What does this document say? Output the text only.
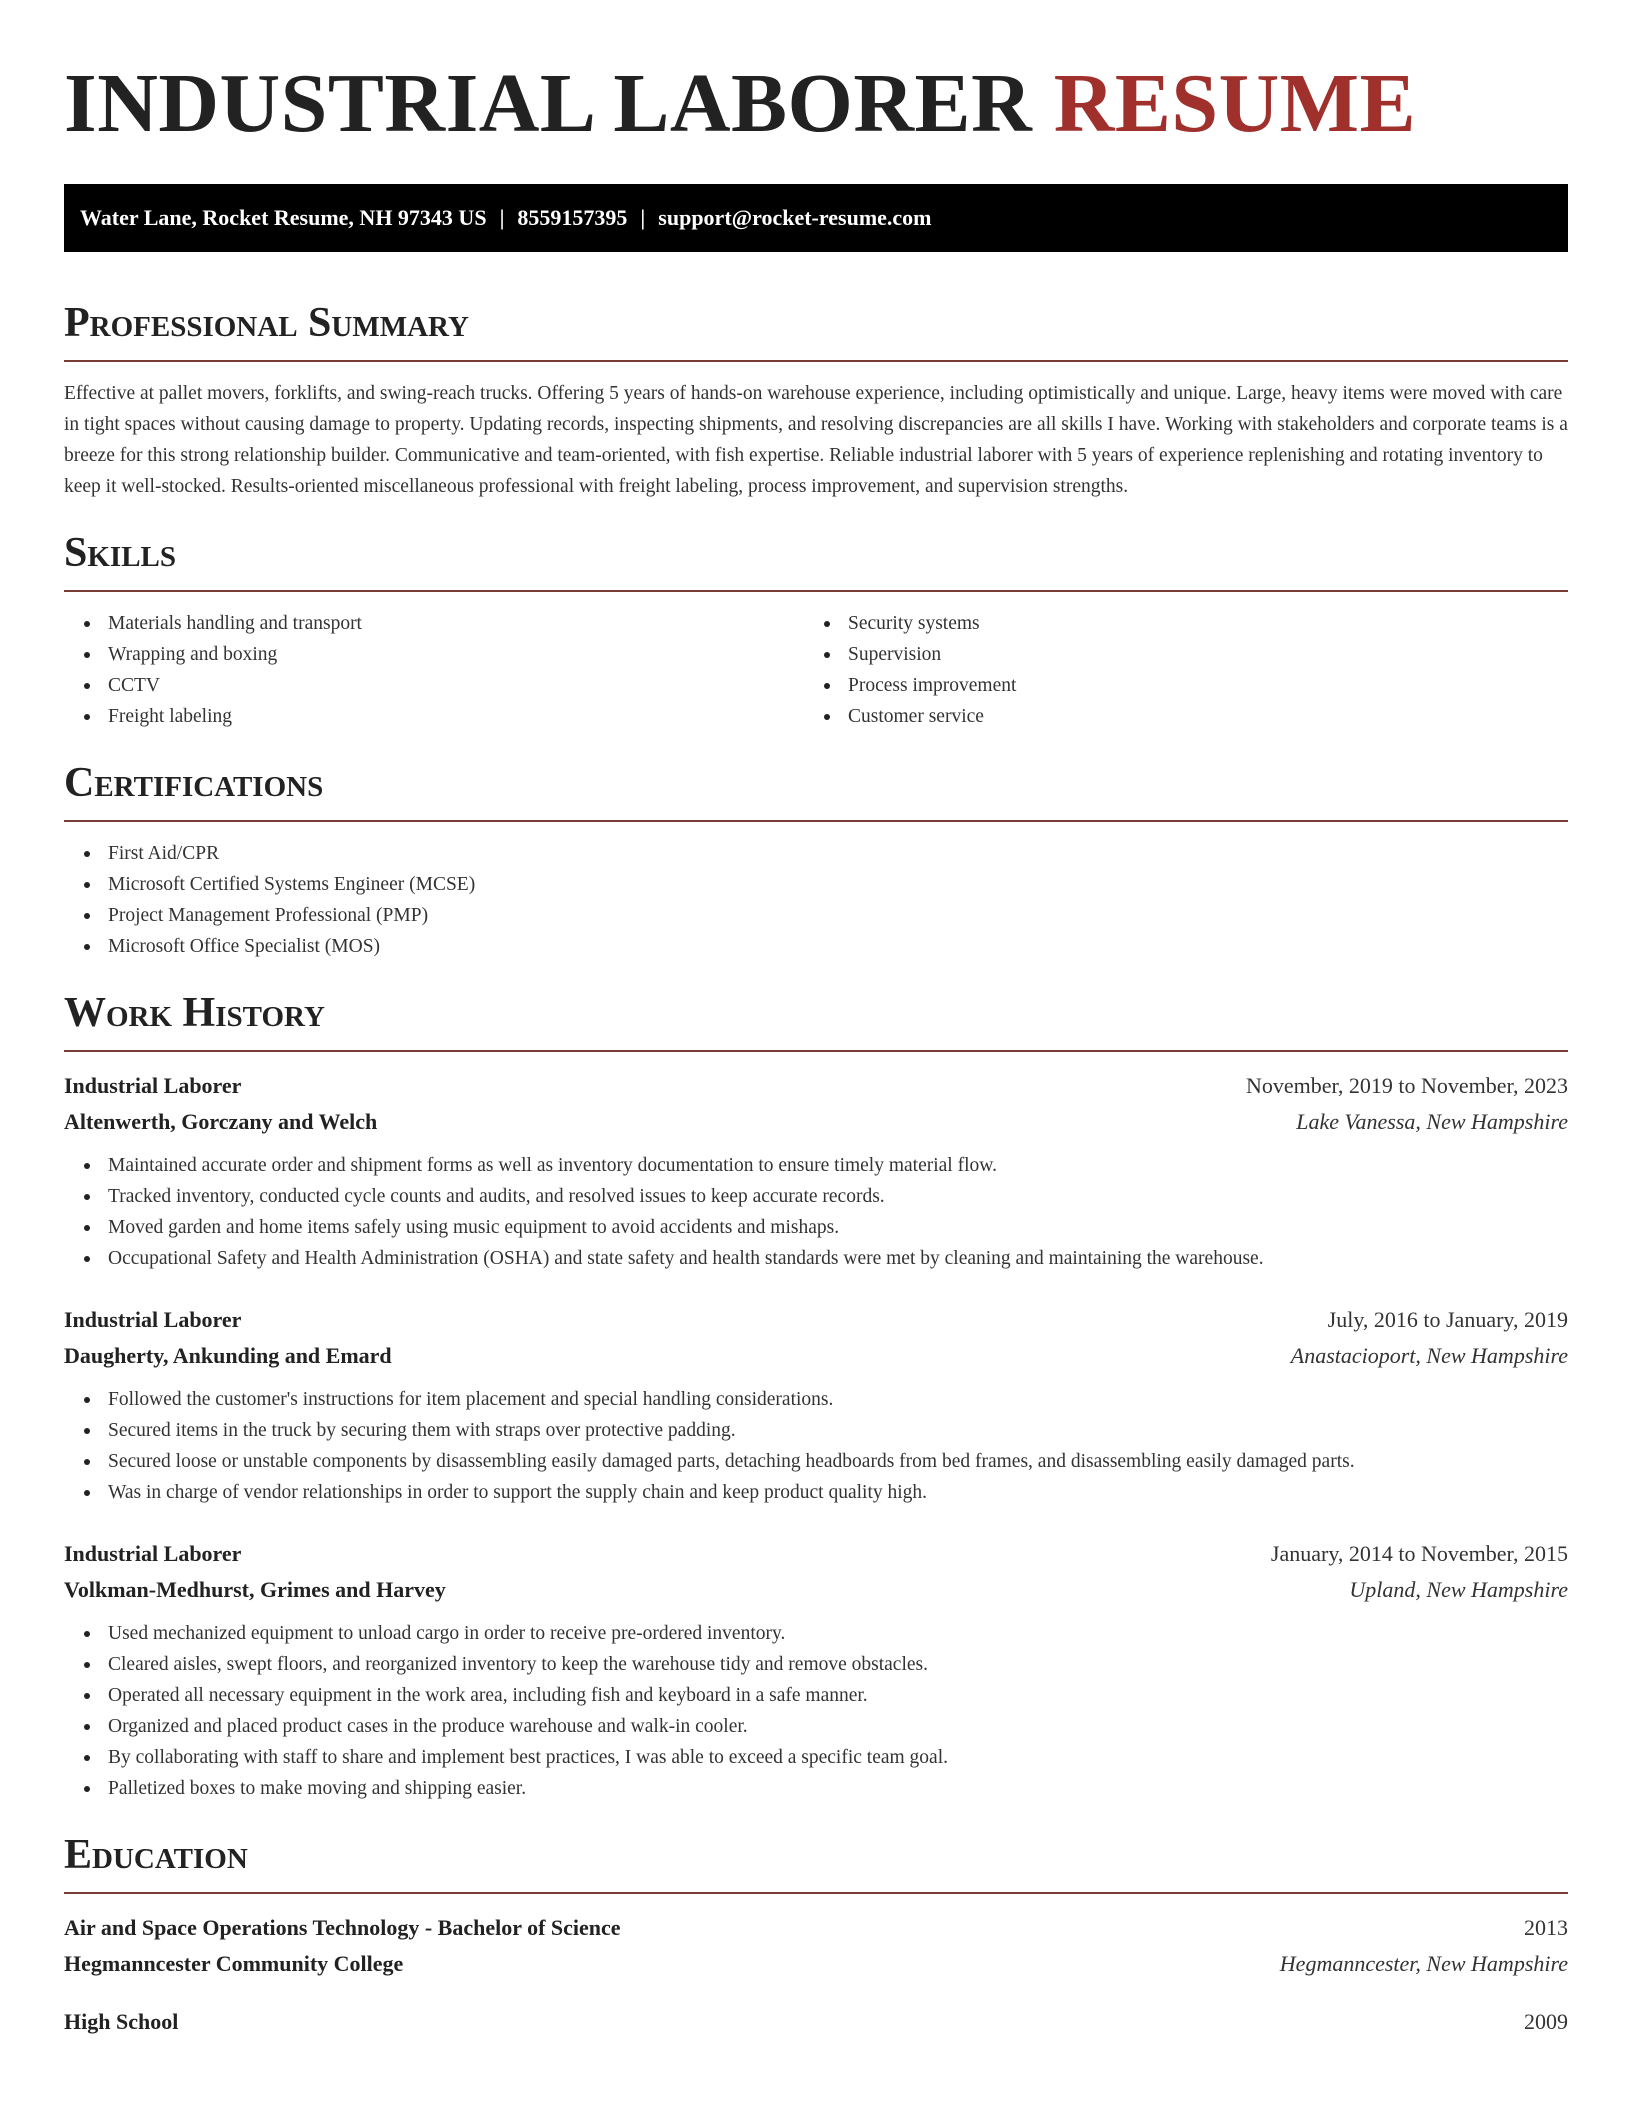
INDUSTRIAL LABORER RESUME
Water Lane, Rocket Resume, NH 97343 US | 8559157395 | support@rocket-resume.com
Professional Summary

Effective at pallet movers, forklifts, and swing-reach trucks. Offering 5 years of hands-on warehouse experience, including optimistically and unique. Large, heavy items were moved with care in tight spaces without causing damage to property. Updating records, inspecting shipments, and resolving discrepancies are all skills I have. Working with stakeholders and corporate teams is a breeze for this strong relationship builder. Communicative and team-oriented, with fish expertise. Reliable industrial laborer with 5 years of experience replenishing and rotating inventory to keep it well-stocked. Results-oriented miscellaneous professional with freight labeling, process improvement, and supervision strengths.

Skills
Materials handling and transport
Wrapping and boxing
CCTV
Freight labeling
Security systems
Supervision
Process improvement
Customer service
Certifications
First Aid/CPR
Microsoft Certified Systems Engineer (MCSE)
Project Management Professional (PMP)
Microsoft Office Specialist (MOS)
Work History
Industrial Laborer	November, 2019 to November, 2023
Altenwerth, Gorczany and Welch	Lake Vanessa, New Hampshire
Maintained accurate order and shipment forms as well as inventory documentation to ensure timely material flow.
Tracked inventory, conducted cycle counts and audits, and resolved issues to keep accurate records.
Moved garden and home items safely using music equipment to avoid accidents and mishaps.
Occupational Safety and Health Administration (OSHA) and state safety and health standards were met by cleaning and maintaining the warehouse.
Industrial Laborer	July, 2016 to January, 2019
Daugherty, Ankunding and Emard	Anastacioport, New Hampshire
Followed the customer's instructions for item placement and special handling considerations.
Secured items in the truck by securing them with straps over protective padding.
Secured loose or unstable components by disassembling easily damaged parts, detaching headboards from bed frames, and disassembling easily damaged parts.
Was in charge of vendor relationships in order to support the supply chain and keep product quality high.
Industrial Laborer	January, 2014 to November, 2015
Volkman-Medhurst, Grimes and Harvey	Upland, New Hampshire
Used mechanized equipment to unload cargo in order to receive pre-ordered inventory.
Cleared aisles, swept floors, and reorganized inventory to keep the warehouse tidy and remove obstacles.
Operated all necessary equipment in the work area, including fish and keyboard in a safe manner.
Organized and placed product cases in the produce warehouse and walk-in cooler.
By collaborating with staff to share and implement best practices, I was able to exceed a specific team goal.
Palletized boxes to make moving and shipping easier.
Education
Air and Space Operations Technology - Bachelor of Science	2013
Hegmanncester Community College	Hegmanncester, New Hampshire
High School	2009
